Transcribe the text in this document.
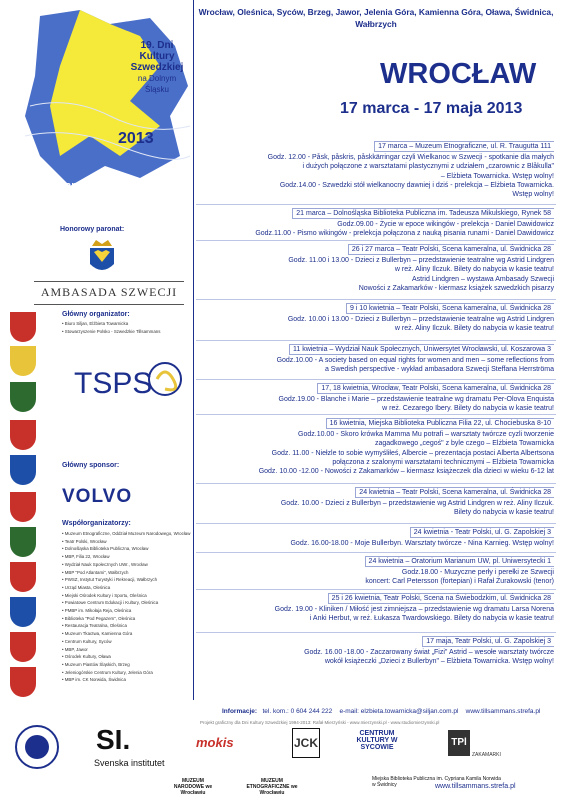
19. Dni
Kultury
Szwedzkiej
na Dolnym
Śląsku
2013
17 marca - 17 maja
Honorowy paronat:
AMBASADA SZWECJI
Główny organizator:
• Biuro Siljan, Elżbieta Towarnicka
• Stowarzyszenie Polsko - Szwedzkie Tillsammans
TSPS
Główny sponsor:
VOLVO
Współorganizatorzy:
• Muzeum Etnograficzne, Oddział Muzeum Narodowego, Wrocław
• Teatr Polski, Wrocław
• Dolnośląska Biblioteka Publiczna, Wrocław
• MBP, Filia 22, Wrocław
• Wydział Nauk Społecznych UWr., Wrocław
• MBP "Pod Atlantami", Wałbrzych
• PWSZ, Instytut Turystyki i Rekreacji, Wałbrzych
• Urząd Miasta, Oleśnica
• Miejski Ośrodek Kultury i Sportu, Oleśnica
• Powiatowe Centrum Edukacji i Kultury, Oleśnica
• PMBP im. Mikołaja Reja, Oleśnica
• Biblioteka "Pod Pegazem", Oleśnica
• Restauracja Teatralna, Oleśnica
• Muzeum Tkactwa, Kamienna Góra
• Centrum Kultury, Syców
• MBP, Jawor
• Ośrodek Kultury, Oława
• Muzeum Piastów Śląskich, Brzeg
• Jeleniogórskie Centrum Kultury, Jelenia Góra
• MBP im. CK Norwida, Świdnica
Wrocław, Oleśnica, Syców, Brzeg, Jawor, Jelenia Góra, Kamienna Góra, Oława, Świdnica, Wałbrzych
WROCŁAW
17 marca - 17 maja 2013
17 marca – Muzeum Etnograficzne, ul. R. Traugutta 111
Godz. 12.00 - Påsk, påskris, påskkärringar czyli Wielkanoc w Szwecji - spotkanie dla małych
i dużych połączone z warsztatami plastycznymi z udziałem „czarownic z Blåkulla"
– Elżbieta Towarnicka. Wstęp wolny!
Godz.14.00 - Szwedzki stół wielkanocny dawniej i dziś - prelekcja – Elżbieta Towarnicka.
Wstęp wolny!
21 marca – Dolnośląska Biblioteka Publiczna im. Tadeusza Mikulskiego, Rynek 58
Godz.09.00 - Życie w epoce wikingów - prelekcja - Daniel Dawidowicz
Godz.11.00 - Pismo wikingów - prelekcja połączona z nauką pisania runami - Daniel Dawidowicz
26 i 27 marca – Teatr Polski, Scena kameralna, ul. Świdnicka 28
Godz. 11.00 i 13.00 - Dzieci z Bullerbyn – przedstawienie teatralne wg Astrid Lindgren
w reż. Aliny Ilczuk. Bilety do nabycia w kasie teatru!
Astrid Lindgren – wystawa Ambasady Szwecji
Nowości z Zakamarków - kiermasz książek szwedzkich pisarzy
9 i 10 kwietnia – Teatr Polski, Scena kameralna, ul. Świdnicka 28
Godz. 10.00 i 13.00 - Dzieci z Bullerbyn – przedstawienie teatralne wg Astrid Lindgren
w reż. Aliny Ilczuk. Bilety do nabycia w kasie teatru!
11 kwietnia – Wydział Nauk Społecznych, Uniwersytet Wrocławski, ul. Koszarowa 3
Godz.10.00 - A society based on equal rights for women and men – some reflections from
a Swedish perspective - wykład ambasadora Szwecji Steffana Herrströma
17, 18 kwietnia, Wrocław, Teatr Polski, Scena kameralna, ul. Świdnicka 28
Godz.19.00 - Blanche i Marie – przedstawienie teatralne wg dramatu Per-Olova Enquista
w reż. Cezarego Ibery. Bilety do nabycia w kasie teatru!
16 kwietnia, Miejska Biblioteka Publiczna Filia 22, ul. Chociebuska 8-10
Godz.10.00 - Skoro krówka Mamma Mu potrafi – warsztaty twórcze cyzli tworzenie
zagadkowego „cegoś" z byle czego – Elżbieta Towarnicka
Godz. 11.00 - Niełzle to sobie wymyśliłeś, Albercie – prezentacja postaci Alberta Albertsona
połączona z szalonymi warsztatami technicznymi – Elżbieta Towarnicka
Godz. 10.00 -12.00 - Nowości z Zakamarków – kiermasz książeczek dla dzieci w wieku 6-12 lat
24 kwietnia – Teatr Polski, Scena kameralna, ul. Świdnicka 28
Godz. 10.00 - Dzieci z Bullerbyn – przedstawienie wg Astrid Lindgren w reż. Aliny Ilczuk.
Bilety do nabycia w kasie teatru!
24 kwietnia - Teatr Polski, ul. G. Zapolskiej 3
Godz. 16.00-18.00 - Moje Bullerbyn. Warsztaty twórcze - Nina Karnieg. Wstęp wolny!
24 kwietnia – Oratorium Marianum UW, pl. Uniwersytecki 1
Godz.18.00 - Muzyczne perły i perełki ze Szwecji
koncert: Carl Petersson (fortepian) i Rafał Żurakowski (tenor)
25 i 26 kwietnia, Teatr Polski, Scena na Świebodzkim, ul. Świdnicka 28
Godz. 19.00 - Kliniken / Miłość jest zimniejsza – przedstawienie wg dramatu Larsa Norena
i Anki Herbut, w reż. Łukasza Twardowskiego. Bilety do nabycia w kasie teatru!
17 maja, Teatr Polski, ul. G. Zapolskiej 3
Godz. 16.00 -18.00 - Zaczarowany świat „Fizi" Astrid – wesołe warsztaty twórcze
wokół książeczki „Dzieci z Bullerbyn" – Elżbieta Towarnicka. Wstęp wolny!
Informacje: tel. kom.: 0 604 244 222 e-mail: elzbieta.towarnicka@siljan.com.pl www.tillsammans.strefa.pl
Projekt graficzny dla Dni Kultury Szwedzkiej 1994-2013: Rafał Mierzyński - www.mierzynski.pl - www.studiomierzynski.pl
SI.
Svenska institutet
mokis	JCK
CENTRUM KULTURY W SYCOWIE	TPl
ZAKAMARKI
MUZEUM NARODOWE we Wrocławiu
MUZEUM ETNOGRAFICZNE we Wrocławiu
Miejska Biblioteka Publiczna im. Cypriana Kamila Norwida w Świdnicy	www.tillsammans.strefa.pl
